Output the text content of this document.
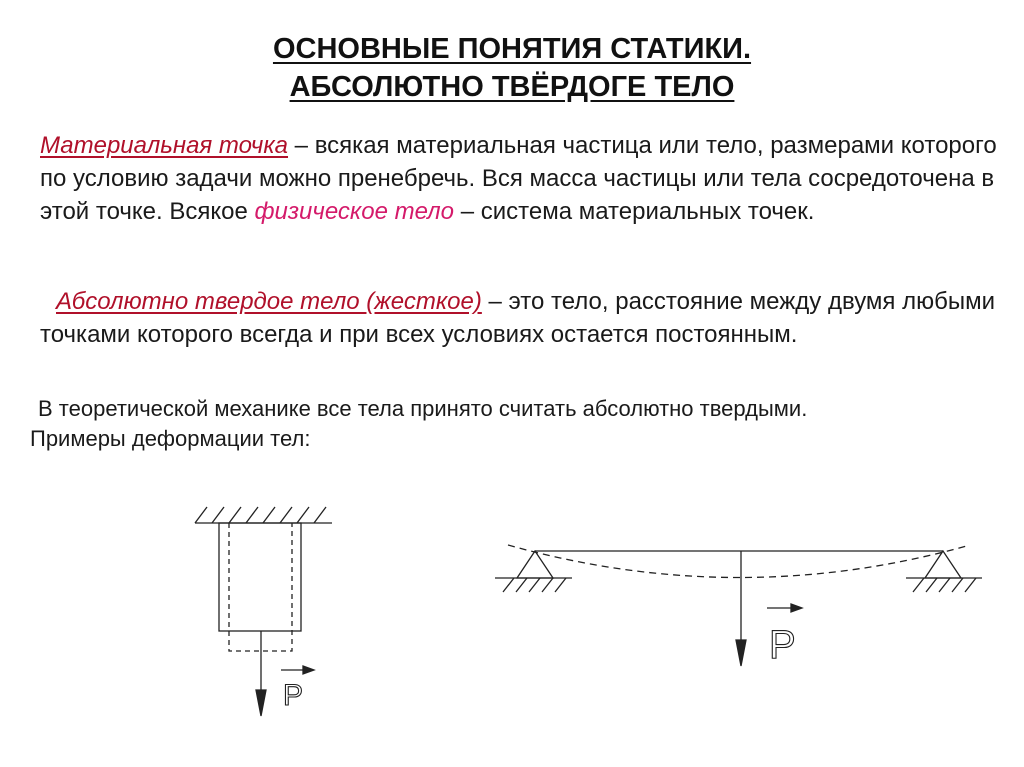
ОСНОВНЫЕ ПОНЯТИЯ СТАТИКИ.
АБСОЛЮТНО ТВЁРДОГЕ ТЕЛО

Материальная точка – всякая материальная частица или тело, размерами которого по условию задачи можно пренебречь. Вся масса частицы или тела сосредоточена в этой точке. Всякое физическое тело – система материальных точек.

Абсолютно твердое тело (жесткое) – это тело, расстояние между двумя любыми точками которого всегда и при всех условиях остается постоянным.

В теоретической механике все тела принято считать абсолютно твердыми.

Примеры деформации тел:

P
P
